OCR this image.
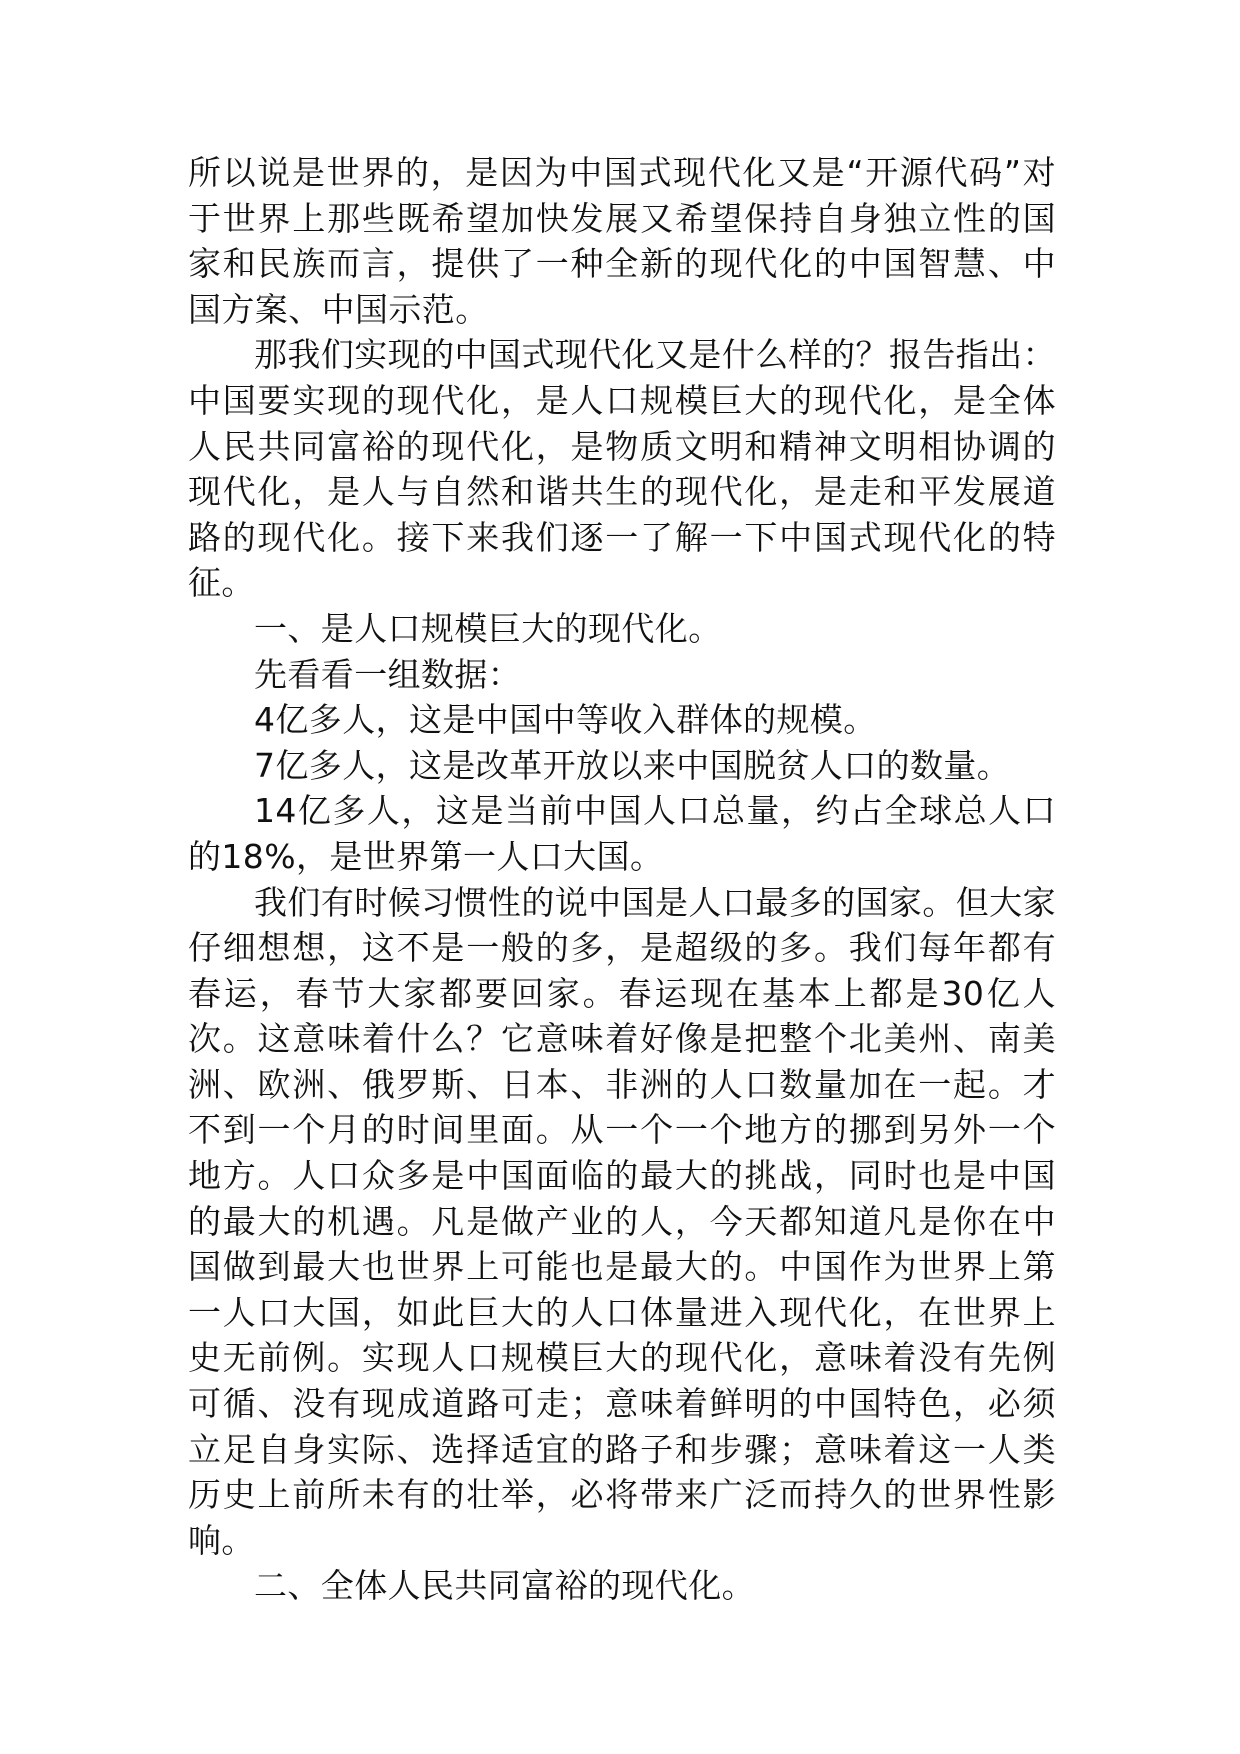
所以说是世界的，是因为中国式现代化又是“开源代码”对于世界上那些既希望加快发展又希望保持自身独立性的国家和民族而言，提供了一种全新的现代化的中国智慧、中国方案、中国示范。

那我们实现的中国式现代化又是什么样的？报告指出：中国要实现的现代化，是人口规模巨大的现代化，是全体人民共同富裕的现代化，是物质文明和精神文明相协调的现代化，是人与自然和谐共生的现代化，是走和平发展道路的现代化。接下来我们逐一了解一下中国式现代化的特征。

一、是人口规模巨大的现代化。

先看看一组数据：

4亿多人，这是中国中等收入群体的规模。

7亿多人，这是改革开放以来中国脱贫人口的数量。

14亿多人，这是当前中国人口总量，约占全球总人口的18%，是世界第一人口大国。

我们有时候习惯性的说中国是人口最多的国家。但大家仔细想想，这不是一般的多，是超级的多。我们每年都有春运，春节大家都要回家。春运现在基本上都是30亿人次。这意味着什么？它意味着好像是把整个北美州、南美洲、欧洲、俄罗斯、日本、非洲的人口数量加在一起。才不到一个月的时间里面。从一个一个地方的挪到另外一个地方。人口众多是中国面临的最大的挑战，同时也是中国的最大的机遇。凡是做产业的人，今天都知道凡是你在中国做到最大也世界上可能也是最大的。中国作为世界上第一人口大国，如此巨大的人口体量进入现代化，在世界上史无前例。实现人口规模巨大的现代化，意味着没有先例可循、没有现成道路可走；意味着鲜明的中国特色，必须立足自身实际、选择适宜的路子和步骤；意味着这一人类历史上前所未有的壮举，必将带来广泛而持久的世界性影响。

二、全体人民共同富裕的现代化。
